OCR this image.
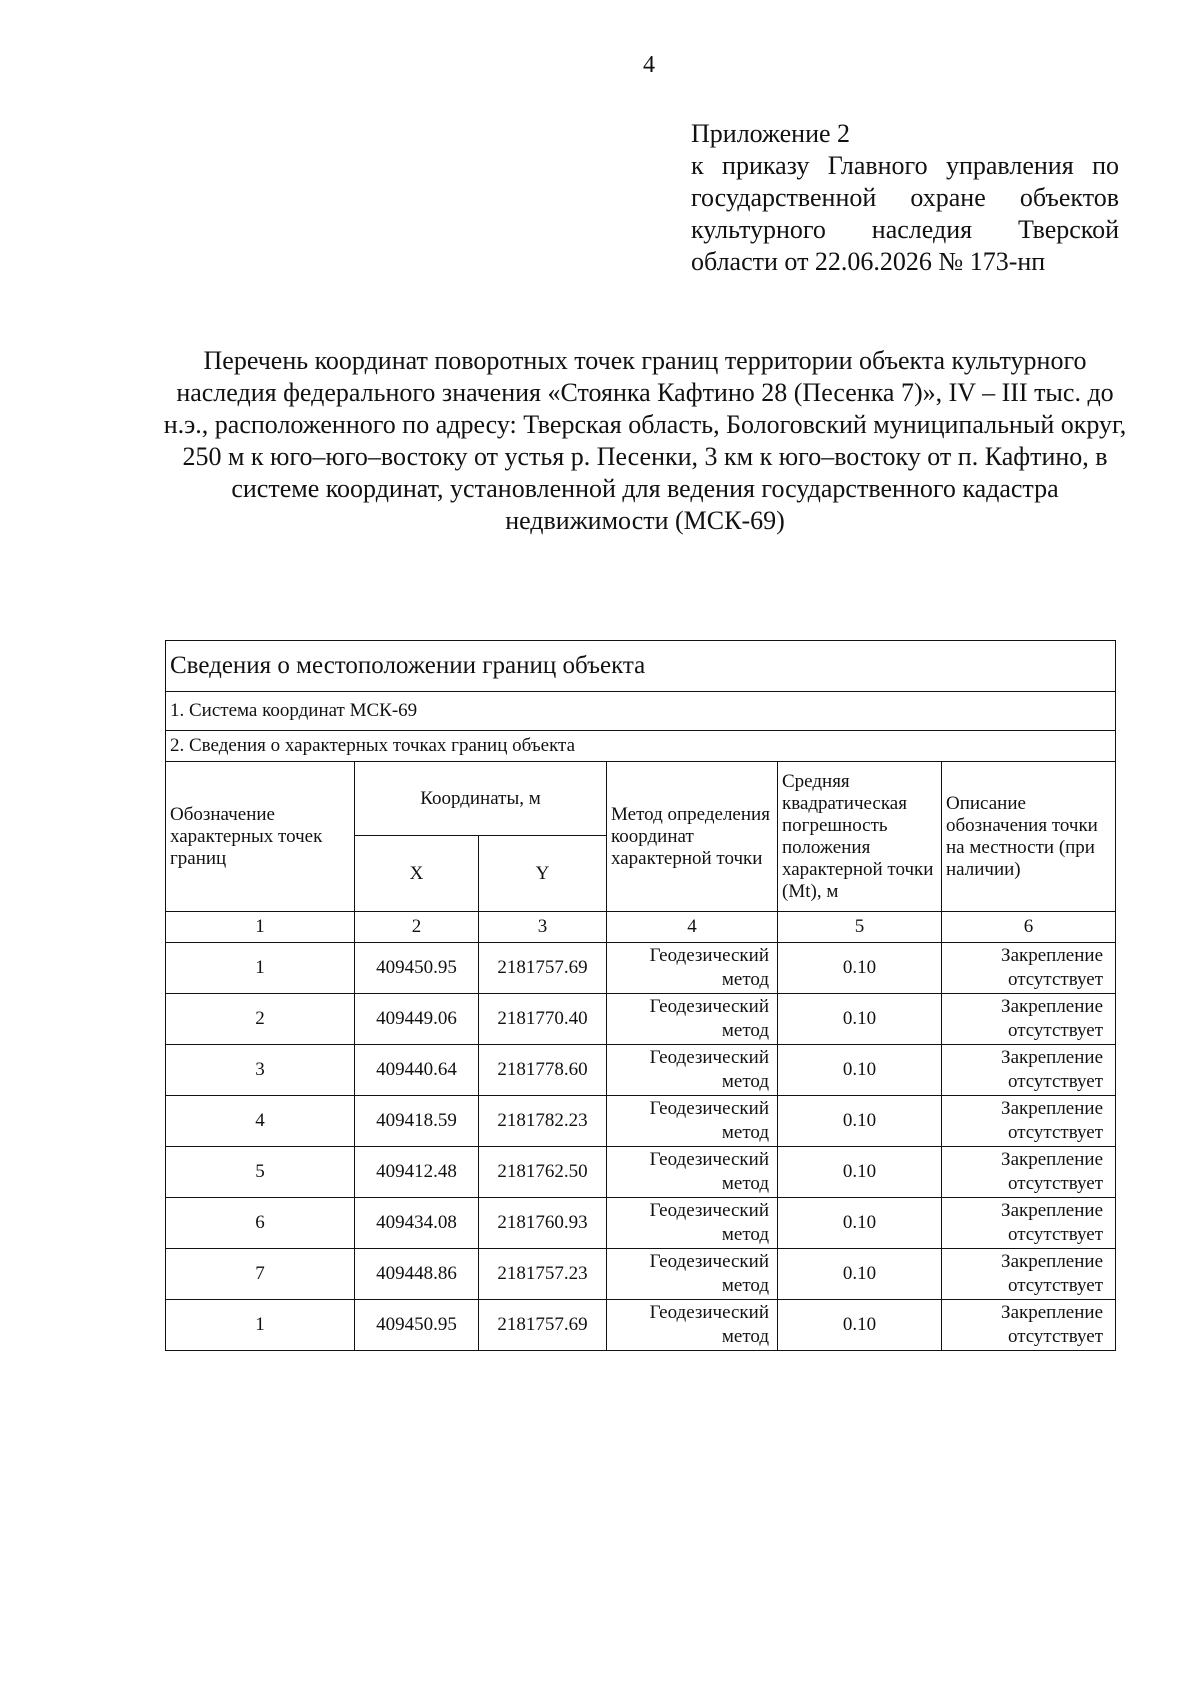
4
Приложение 2
к приказу Главного управления по государственной охране объектов культурного наследия Тверской области от 22.06.2026 № 173-нп
Перечень координат поворотных точек границ территории объекта культурного наследия федерального значения «Стоянка Кафтино 28 (Песенка 7)», IV – III тыс. до н.э., расположенного по адресу: Тверская область, Бологовский муниципальный округ, 250 м к юго–юго–востоку от устья р. Песенки, 3 км к юго–востоку от п. Кафтино, в системе координат, установленной для ведения государственного кадастра недвижимости (МСК-69)
Сведения о местоположении границ объекта					
1. Система координат МСК-69					
2. Сведения о характерных точках границ объекта					
Обозначение характерных точек границ	Координаты, м		Метод определения координат характерной точки	Средняя квадратическая погрешность положения характерной точки (Mt), м	Описание обозначения точки на местности (при наличии)
	X	Y			
1	2	3	4	5	6
1	409450.95	2181757.69	Геодезический метод	0.10	Закрепление отсутствует
2	409449.06	2181770.40	Геодезический метод	0.10	Закрепление отсутствует
3	409440.64	2181778.60	Геодезический метод	0.10	Закрепление отсутствует
4	409418.59	2181782.23	Геодезический метод	0.10	Закрепление отсутствует
5	409412.48	2181762.50	Геодезический метод	0.10	Закрепление отсутствует
6	409434.08	2181760.93	Геодезический метод	0.10	Закрепление отсутствует
7	409448.86	2181757.23	Геодезический метод	0.10	Закрепление отсутствует
1	409450.95	2181757.69	Геодезический метод	0.10	Закрепление отсутствует
